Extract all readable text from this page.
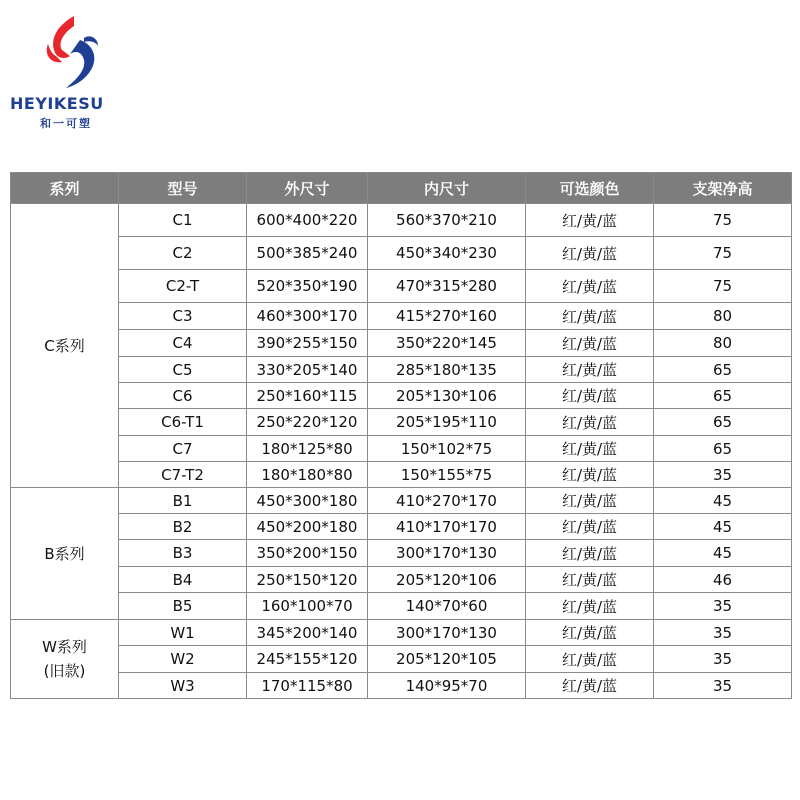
HEYIKESU
和一可塑
系列	型号	外尺寸	内尺寸	可选颜色	支架净高

C系列	C1	600*400*220	560*370*210	红/黄/蓝	75
	C2	500*385*240	450*340*230	红/黄/蓝	75
	C2-T	520*350*190	470*315*280	红/黄/蓝	75
	C3	460*300*170	415*270*160	红/黄/蓝	80
	C4	390*255*150	350*220*145	红/黄/蓝	80
	C5	330*205*140	285*180*135	红/黄/蓝	65
	C6	250*160*115	205*130*106	红/黄/蓝	65
	C6-T1	250*220*120	205*195*110	红/黄/蓝	65
	C7	180*125*80	150*102*75	红/黄/蓝	65
	C7-T2	180*180*80	150*155*75	红/黄/蓝	35

B系列	B1	450*300*180	410*270*170	红/黄/蓝	45
	B2	450*200*180	410*170*170	红/黄/蓝	45
	B3	350*200*150	300*170*130	红/黄/蓝	45
	B4	250*150*120	205*120*106	红/黄/蓝	46
	B5	160*100*70	140*70*60	红/黄/蓝	35

W系列
(旧款)	W1	345*200*140	300*170*130	红/黄/蓝	35
	W2	245*155*120	205*120*105	红/黄/蓝	35
	W3	170*115*80	140*95*70	红/黄/蓝	35
